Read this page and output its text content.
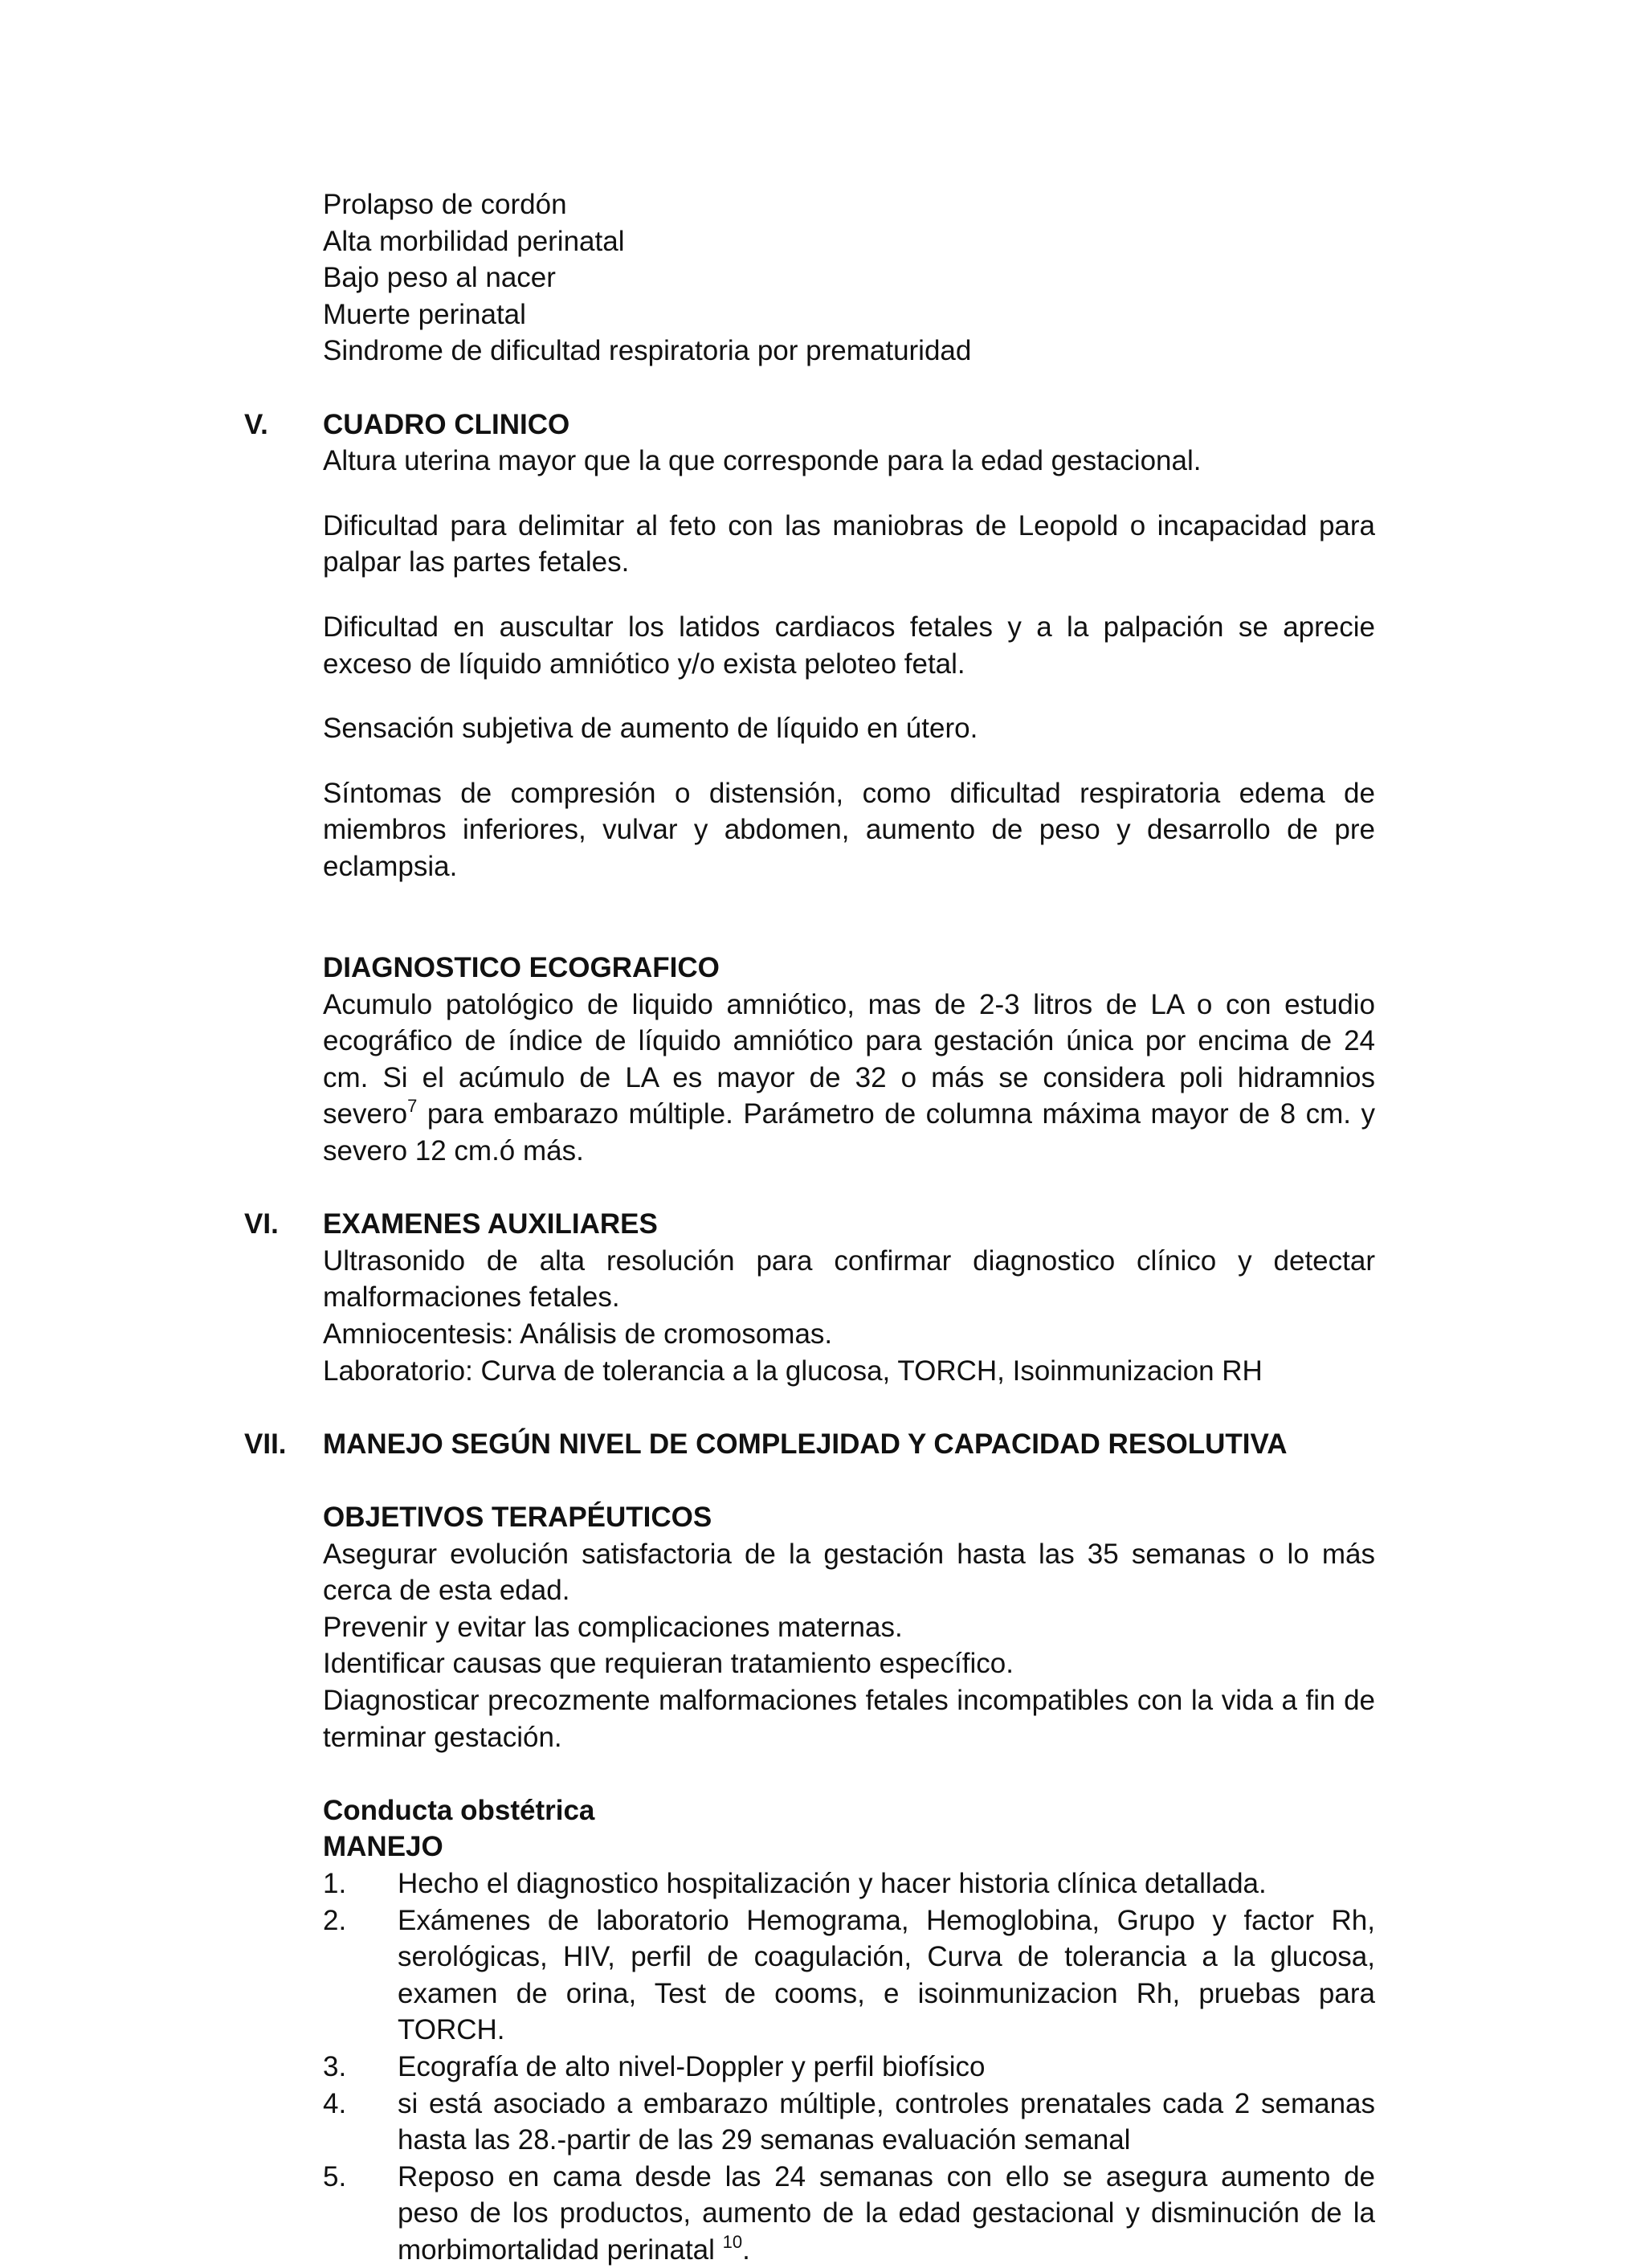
Prolapso de cordón

Alta morbilidad perinatal

Bajo peso al nacer

Muerte perinatal

Sindrome de dificultad respiratoria por prematuridad

V. CUADRO CLINICO

Altura uterina mayor que la que corresponde para la edad gestacional.

Dificultad para delimitar al feto con las maniobras de Leopold o incapacidad para palpar las partes fetales.

Dificultad en auscultar los latidos cardiacos fetales y a la palpación se aprecie exceso de líquido amniótico y/o exista peloteo fetal.

Sensación subjetiva de aumento de líquido en útero.

Síntomas de compresión o distensión, como dificultad respiratoria edema de miembros inferiores, vulvar y abdomen, aumento de peso y desarrollo de pre eclampsia.

DIAGNOSTICO ECOGRAFICO

Acumulo patológico de liquido amniótico, mas de 2-3 litros de LA o con estudio ecográfico de índice de líquido amniótico para gestación única por encima de 24 cm. Si el acúmulo de LA es mayor de 32 o más se considera poli hidramnios severo$^7$ para embarazo múltiple. Parámetro de columna máxima mayor de 8 cm. y severo 12 cm.ó más.

VI. EXAMENES AUXILIARES

Ultrasonido de alta resolución para confirmar diagnostico clínico y detectar malformaciones fetales.

Amniocentesis: Análisis de cromosomas.

Laboratorio: Curva de tolerancia a la glucosa, TORCH, Isoinmunizacion RH

VII. MANEJO SEGÚN NIVEL DE COMPLEJIDAD Y CAPACIDAD RESOLUTIVA

OBJETIVOS TERAPÉUTICOS

Asegurar evolución satisfactoria de la gestación hasta las 35 semanas o lo más cerca de esta edad.

Prevenir y evitar las complicaciones maternas.

Identificar causas que requieran tratamiento específico.

Diagnosticar precozmente malformaciones fetales incompatibles con la vida a fin de terminar gestación.

Conducta obstétrica

MANEJO

1. Hecho el diagnostico hospitalización y hacer historia clínica detallada.
2. Exámenes de laboratorio Hemograma, Hemoglobina, Grupo y factor Rh, serológicas, HIV, perfil de coagulación, Curva de tolerancia a la glucosa, examen de orina, Test de cooms, e isoinmunizacion Rh, pruebas para TORCH.
3. Ecografía de alto nivel-Doppler y perfil biofísico
4. si está asociado a embarazo múltiple, controles prenatales cada 2 semanas hasta las 28.-partir de las 29 semanas evaluación semanal
5. Reposo en cama desde las 24 semanas con ello se asegura aumento de peso de los productos, aumento de la edad gestacional y disminución de la morbimortalidad perinatal $^{10}$.
